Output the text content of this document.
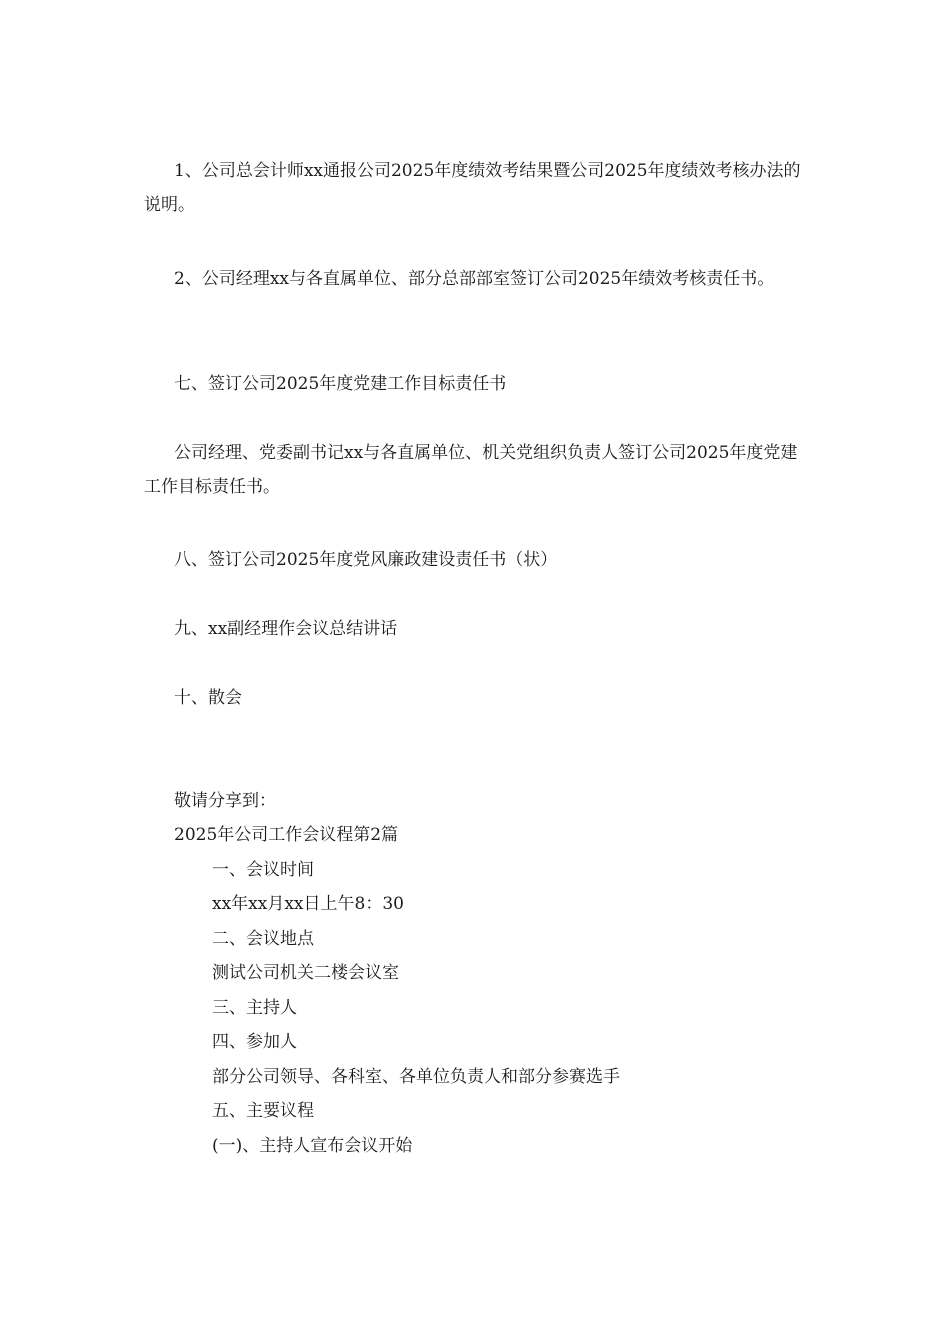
1、公司总会计师xx通报公司2025年度绩效考结果暨公司2025年度绩效考核办法的说明。

2、公司经理xx与各直属单位、部分总部部室签订公司2025年绩效考核责任书。

七、签订公司2025年度党建工作目标责任书

公司经理、党委副书记xx与各直属单位、机关党组织负责人签订公司2025年度党建工作目标责任书。

八、签订公司2025年度党风廉政建设责任书（状）

九、xx副经理作会议总结讲话

十、散会

敬请分享到：

2025年公司工作会议程第2篇

一、会议时间

xx年xx月xx日上午8：30

二、会议地点

测试公司机关二楼会议室

三、主持人

四、参加人

部分公司领导、各科室、各单位负责人和部分参赛选手

五、主要议程

(一)、主持人宣布会议开始
